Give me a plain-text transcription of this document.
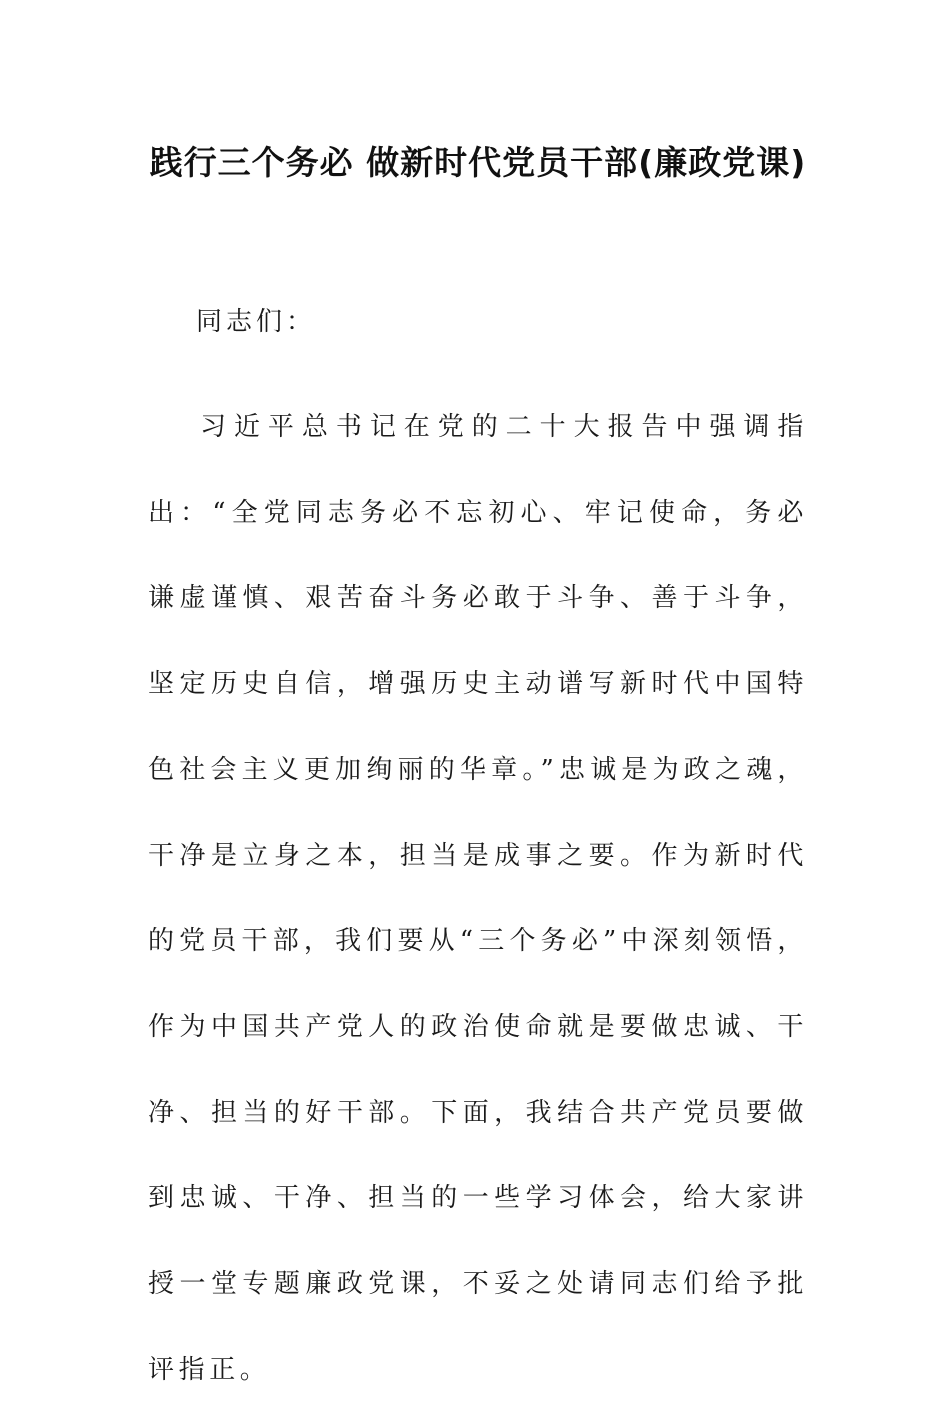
践行三个务必 做新时代党员干部(廉政党课)
同志们：

习近平总书记在党的二十大报告中强调指出：“全党同志务必不忘初心、牢记使命，务必谦虚谨慎、艰苦奋斗务必敢于斗争、善于斗争，坚定历史自信，增强历史主动谱写新时代中国特色社会主义更加绚丽的华章。”忠诚是为政之魂，干净是立身之本，担当是成事之要。作为新时代的党员干部，我们要从“三个务必”中深刻领悟，作为中国共产党人的政治使命就是要做忠诚、干净、担当的好干部。下面，我结合共产党员要做到忠诚、干净、担当的一些学习体会，给大家讲授一堂专题廉政党课，不妥之处请同志们给予批评指正。
